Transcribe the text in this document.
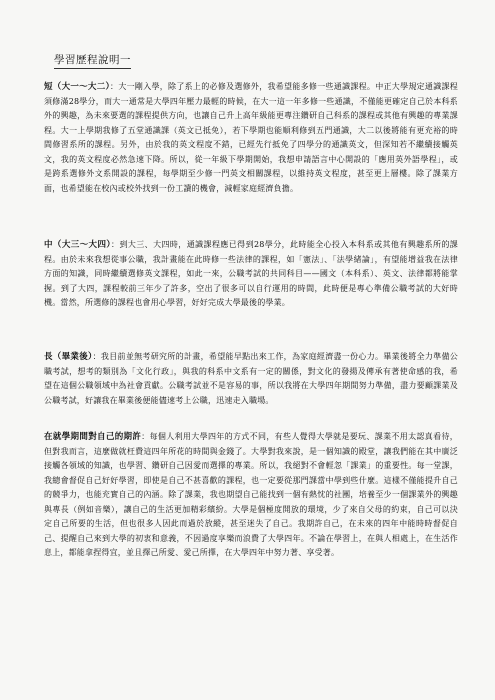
學習歷程說明一
短（大一～大二）：大一剛入學，除了系上的必修及選修外，我希望能多修一些通識課程。中正大學規定通識課程須修滿28學分，而大一通常是大學四年壓力最輕的時候，在大一這一年多修一些通識，不僅能更確定自己於本科系外的興趣，為未來要選的課程提供方向，也讓自己升上高年級能更專注鑽研自己科系的課程或其他有興趣的專業課程。大一上學期我修了五堂通識課（英文已抵免），若下學期也能順利修到五門通識，大二以後將能有更充裕的時間修習系所的課程。另外，由於我的英文程度不錯，已經先行抵免了四學分的通識英文，但深知若不繼續接觸英文，我的英文程度必然急速下降。所以，從一年級下學期開始，我想申請語言中心開設的「應用英外語學程」，或是跨系選修外文系開設的課程，每學期至少修一門英文相關課程，以維持英文程度，甚至更上層樓。除了課業方面，也希望能在校內或校外找到一份工讀的機會，減輕家庭經濟負擔。
中（大三～大四）：到大三、大四時，通識課程應已得到28學分，此時能全心投入本科系或其他有興趣系所的課程。由於未來我想從事公職，我計畫能在此時修一些法律的課程，如「憲法」、「法學緒論」，有望能增益我在法律方面的知識，同時繼續選修英文課程，如此一來，公職考試的共同科目——國文（本科系）、英文、法律都將能掌握。到了大四，課程較前三年少了許多，空出了很多可以自行運用的時間，此時便是專心準備公職考試的大好時機。當然，所選修的課程也會用心學習，好好完成大學最後的學業。
長（畢業後）：我目前並無考研究所的計畫，希望能早點出來工作，為家庭經濟盡一份心力。畢業後將全力準備公職考試，想考的類別為「文化行政」，與我的科系中文系有一定的關係，對文化的發揚及傳承有著使命感的我，希望在這個公職領域中為社會貢獻。公職考試並不是容易的事，所以我將在大學四年期間努力準備，盡力要顧課業及公職考試，好讓我在畢業後便能儘速考上公職，迅速走入職場。
在就學期間對自己的期許：每個人利用大學四年的方式不同，有些人覺得大學就是要玩、課業不用太認真看待，但對我而言，這麼做就枉費這四年所花的時間與金錢了。大學對我來說，是一個知識的殿堂，讓我們能在其中廣泛接觸各領域的知識，也學習、鑽研自己因愛而選擇的專業。所以，我絕對不會輕忽「課業」的重要性。每一堂課，我總會督促自己好好學習，即使是自己不甚喜歡的課程，也一定要從那門課當中學到些什麼。這樣不僅能提升自己的競爭力，也能充實自己的內涵。除了課業，我也期望自己能找到一個有熱忱的社團，培養至少一個課業外的興趣與專長（例如音樂），讓自己的生活更加精彩繽紛。大學是個極度開放的環境，少了來自父母的約束，自己可以決定自己所要的生活，但也很多人因此而過於放縱，甚至迷失了自己。我期許自己，在未來的四年中能時時督促自己、提醒自己來到大學的初衷和意義，不因過度享樂而浪費了大學四年。不論在學習上，在與人相處上，在生活作息上，都能拿捏得宜，並且擇己所愛、愛己所擇，在大學四年中努力著、享受著。
